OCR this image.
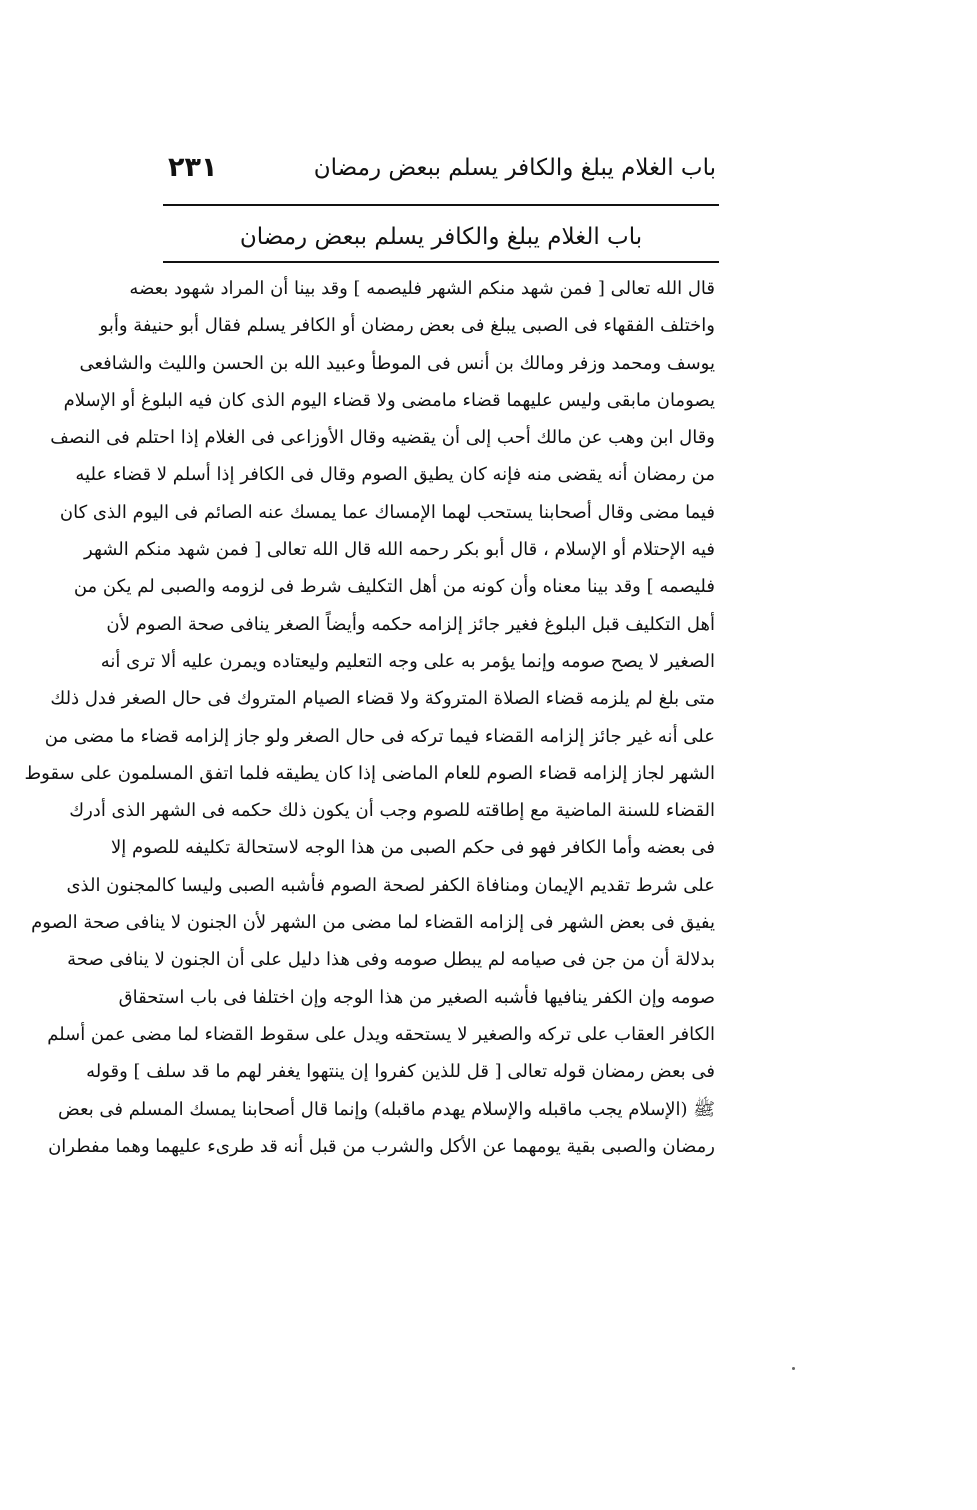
باب الغلام يبلغ والكافر يسلم ببعض رمضان
٢٣١
باب الغلام يبلغ والكافر يسلم ببعض رمضان
قال الله تعالى [ فمن شهد منكم الشهر فليصمه ] وقد بينا أن المراد شهود بعضه
واختلف الفقهاء فى الصبى يبلغ فى بعض رمضان أو الكافر يسلم فقال أبو حنيفة وأبو
يوسف ومحمد وزفر ومالك بن أنس فى الموطأ وعبيد الله بن الحسن والليث والشافعى
يصومان مابقى وليس عليهما قضاء مامضى ولا قضاء اليوم الذى كان فيه البلوغ أو الإسلام
وقال ابن وهب عن مالك أحب إلى أن يقضيه وقال الأوزاعى فى الغلام إذا احتلم فى النصف
من رمضان أنه يقضى منه فإنه كان يطيق الصوم وقال فى الكافر إذا أسلم لا قضاء عليه
فيما مضى وقال أصحابنا يستحب لهما الإمساك عما يمسك عنه الصائم فى اليوم الذى كان
فيه الإحتلام أو الإسلام ، قال أبو بكر رحمه الله قال الله تعالى [ فمن شهد منكم الشهر
فليصمه ] وقد بينا معناه وأن كونه من أهل التكليف شرط فى لزومه والصبى لم يكن من
أهل التكليف قبل البلوغ فغير جائز إلزامه حكمه وأيضاً الصغر ينافى صحة الصوم لأن
الصغير لا يصح صومه وإنما يؤمر به على وجه التعليم وليعتاده ويمرن عليه ألا ترى أنه
متى بلغ لم يلزمه قضاء الصلاة المتروكة ولا قضاء الصيام المتروك فى حال الصغر فدل ذلك
على أنه غير جائز إلزامه القضاء فيما تركه فى حال الصغر ولو جاز إلزامه قضاء ما مضى من
الشهر لجاز إلزامه قضاء الصوم للعام الماضى إذا كان يطيقه فلما اتفق المسلمون على سقوط
القضاء للسنة الماضية مع إطاقته للصوم وجب أن يكون ذلك حكمه فى الشهر الذى أدرك
فى بعضه وأما الكافر فهو فى حكم الصبى من هذا الوجه لاستحالة تكليفه للصوم إلا
على شرط تقديم الإيمان ومنافاة الكفر لصحة الصوم فأشبه الصبى وليسا كالمجنون الذى
يفيق فى بعض الشهر فى إلزامه القضاء لما مضى من الشهر لأن الجنون لا ينافى صحة الصوم
بدلالة أن من جن فى صيامه لم يبطل صومه وفى هذا دليل على أن الجنون لا ينافى صحة
صومه وإن الكفر ينافيها فأشبه الصغير من هذا الوجه وإن اختلفا فى باب استحقاق
الكافر العقاب على تركه والصغير لا يستحقه ويدل على سقوط القضاء لما مضى عمن أسلم
فى بعض رمضان قوله تعالى [ قل للذين كفروا إن ينتهوا يغفر لهم ما قد سلف ] وقوله
ﷺ (الإسلام يجب ماقبله والإسلام يهدم ماقبله) وإنما قال أصحابنا يمسك المسلم فى بعض
رمضان والصبى بقية يومهما عن الأكل والشرب من قبل أنه قد طرىء عليهما وهما مفطران
